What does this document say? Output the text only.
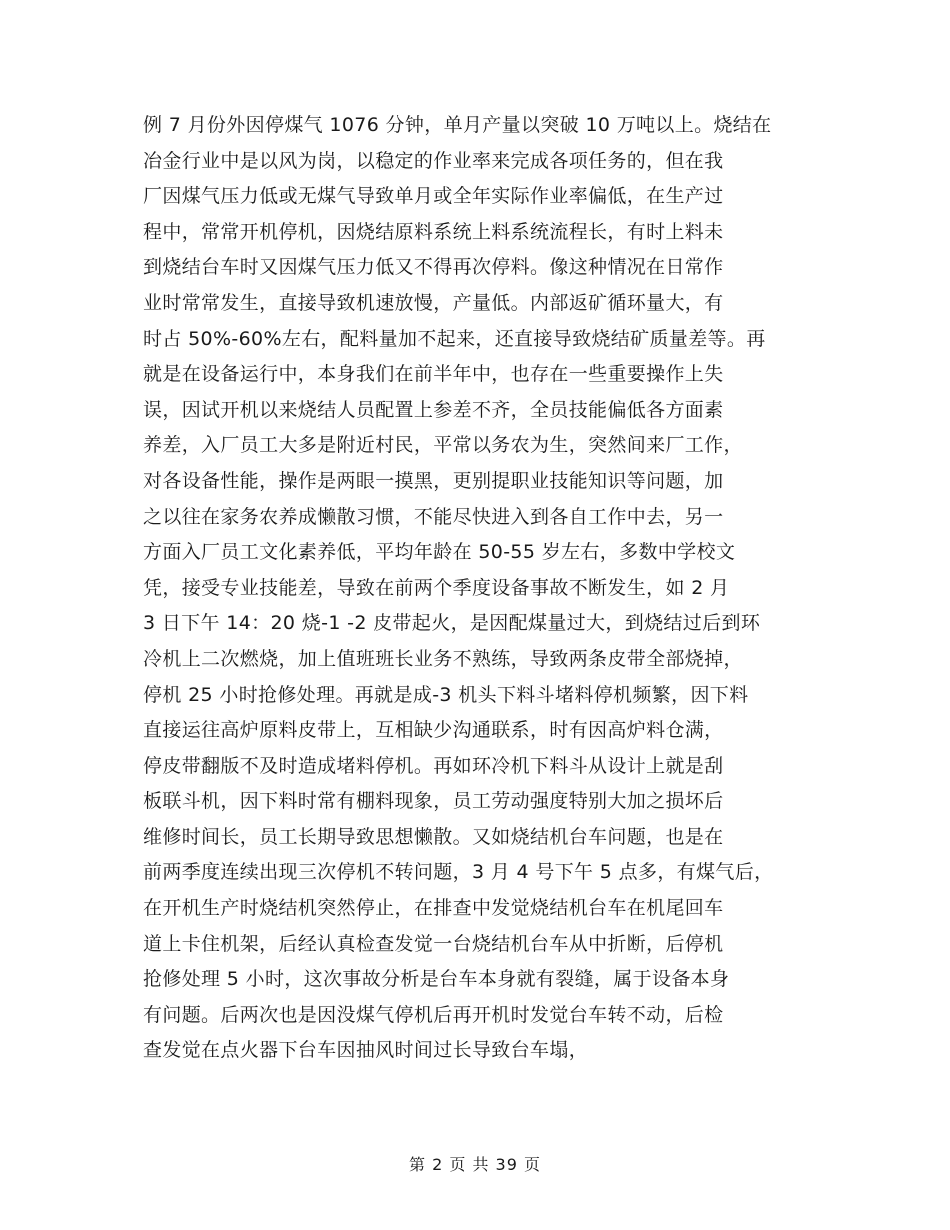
例 7 月份外因停煤气 1076 分钟，单月产量以突破 10 万吨以上。烧结在
冶金行业中是以风为岗，以稳定的作业率来完成各项任务的，但在我
厂因煤气压力低或无煤气导致单月或全年实际作业率偏低，在生产过
程中，常常开机停机，因烧结原料系统上料系统流程长，有时上料未
到烧结台车时又因煤气压力低又不得再次停料。像这种情况在日常作
业时常常发生，直接导致机速放慢，产量低。内部返矿循环量大，有
时占 50%-60%左右，配料量加不起来，还直接导致烧结矿质量差等。再
就是在设备运行中，本身我们在前半年中，也存在一些重要操作上失
误，因试开机以来烧结人员配置上参差不齐，全员技能偏低各方面素
养差，入厂员工大多是附近村民，平常以务农为生，突然间来厂工作，
对各设备性能，操作是两眼一摸黑，更别提职业技能知识等问题，加
之以往在家务农养成懒散习惯，不能尽快进入到各自工作中去，另一
方面入厂员工文化素养低，平均年龄在 50-55 岁左右，多数中学校文
凭，接受专业技能差，导致在前两个季度设备事故不断发生，如 2 月
3 日下午 14：20 烧-1 -2 皮带起火，是因配煤量过大，到烧结过后到环
冷机上二次燃烧，加上值班班长业务不熟练，导致两条皮带全部烧掉，
停机 25 小时抢修处理。再就是成-3 机头下料斗堵料停机频繁，因下料
直接运往高炉原料皮带上，互相缺少沟通联系，时有因高炉料仓满，
停皮带翻版不及时造成堵料停机。再如环冷机下料斗从设计上就是刮
板联斗机，因下料时常有棚料现象，员工劳动强度特别大加之损坏后
维修时间长，员工长期导致思想懒散。又如烧结机台车问题，也是在
前两季度连续出现三次停机不转问题，3 月 4 号下午 5 点多，有煤气后，
在开机生产时烧结机突然停止，在排查中发觉烧结机台车在机尾回车
道上卡住机架，后经认真检查发觉一台烧结机台车从中折断，后停机
抢修处理 5 小时，这次事故分析是台车本身就有裂缝，属于设备本身
有问题。后两次也是因没煤气停机后再开机时发觉台车转不动，后检
查发觉在点火器下台车因抽风时间过长导致台车塌，
第 2 页 共 39 页
